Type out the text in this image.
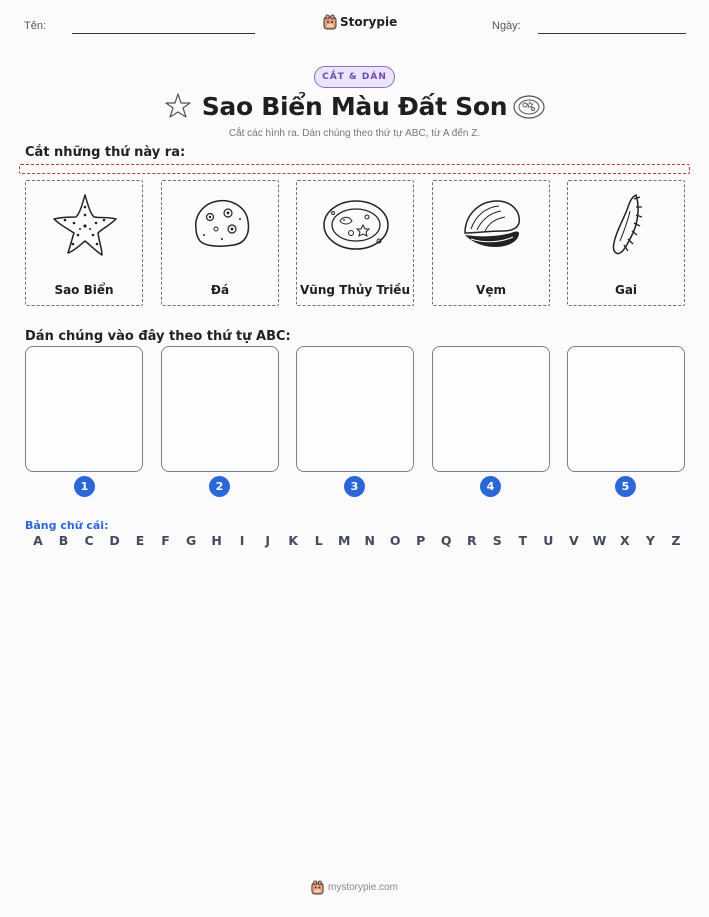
Tên:	Storypie	Ngày:
CẮT & DÁN
Sao Biển Màu Đất Son
Cắt các hình ra. Dán chúng theo thứ tự ABC, từ A đến Z.
Cắt những thứ này ra:
Sao Biển	Đá	Vũng Thủy Triều	Vẹm	Gai
Dán chúng vào đây theo thứ tự ABC:
1	2	3	4	5
Bảng chữ cái:
A B C D E F G H	I	J	K	L	M N O P Q R S T U V W X Y Z
mystorypie.com
